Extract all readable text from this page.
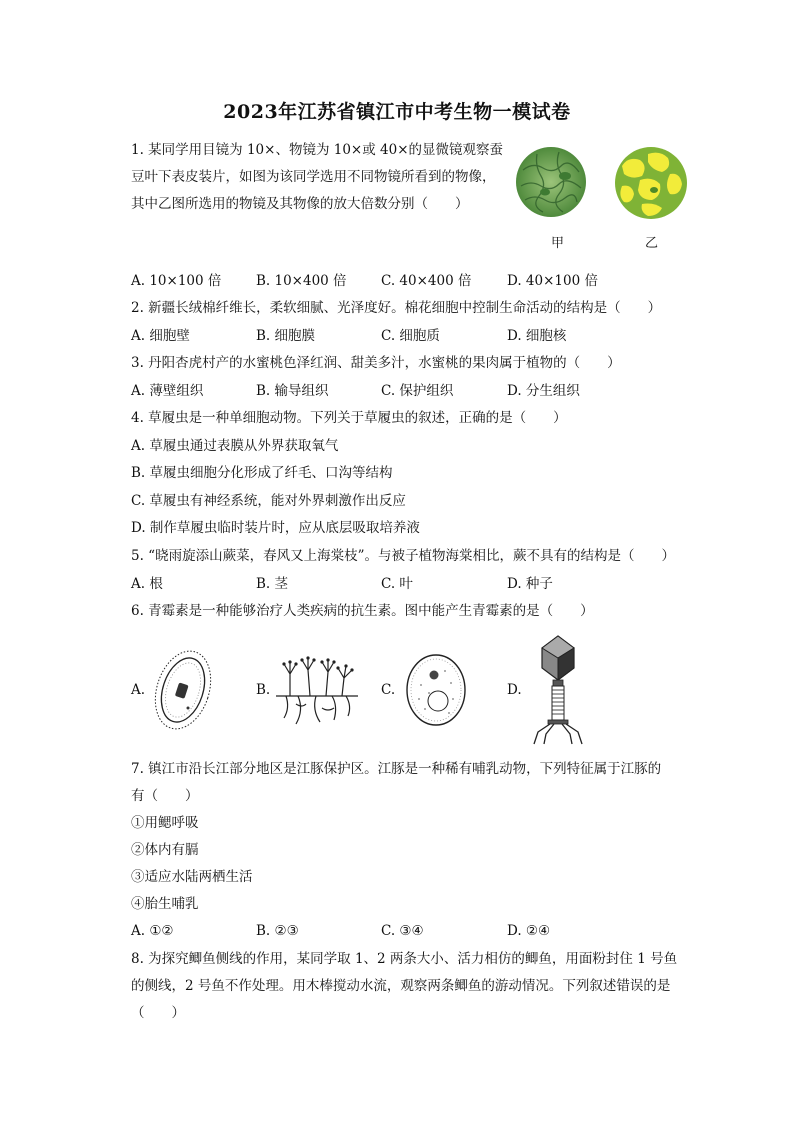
2023年江苏省镇江市中考生物一模试卷
1. 某同学用目镜为 10×、物镜为 10×或 40×的显微镜观察蚕
豆叶下表皮装片，如图为该同学选用不同物镜所看到的物像，
其中乙图所选用的物镜及其物像的放大倍数分别（　　）
甲	乙
A. 10×100 倍	B. 10×400 倍	C. 40×400 倍	D. 40×100 倍
2. 新疆长绒棉纤维长，柔软细腻、光泽度好。棉花细胞中控制生命活动的结构是（　　）
A. 细胞壁	B. 细胞膜	C. 细胞质	D. 细胞核
3. 丹阳杏虎村产的水蜜桃色泽红润、甜美多汁，水蜜桃的果肉属于植物的（　　）
A. 薄壁组织	B. 输导组织	C. 保护组织	D. 分生组织
4. 草履虫是一种单细胞动物。下列关于草履虫的叙述，正确的是（　　）
A. 草履虫通过表膜从外界获取氧气
B. 草履虫细胞分化形成了纤毛、口沟等结构
C. 草履虫有神经系统，能对外界刺激作出反应
D. 制作草履虫临时装片时，应从底层吸取培养液
5. “晓雨旋添山蕨菜，春风又上海棠枝”。与被子植物海棠相比，蕨不具有的结构是（　　）
A. 根	B. 茎	C. 叶	D. 种子
6. 青霉素是一种能够治疗人类疾病的抗生素。图中能产生青霉素的是（　　）
A.	B.	C.	D.
7. 镇江市沿长江部分地区是江豚保护区。江豚是一种稀有哺乳动物，下列特征属于江豚的
有（　　）
①用鳃呼吸
②体内有膈
③适应水陆两栖生活
④胎生哺乳
A. ①②	B. ②③	C. ③④	D. ②④
8. 为探究鲫鱼侧线的作用，某同学取 1、2 两条大小、活力相仿的鲫鱼，用面粉封住 1 号鱼
的侧线，2 号鱼不作处理。用木棒搅动水流，观察两条鲫鱼的游动情况。下列叙述错误的是
（　　）
